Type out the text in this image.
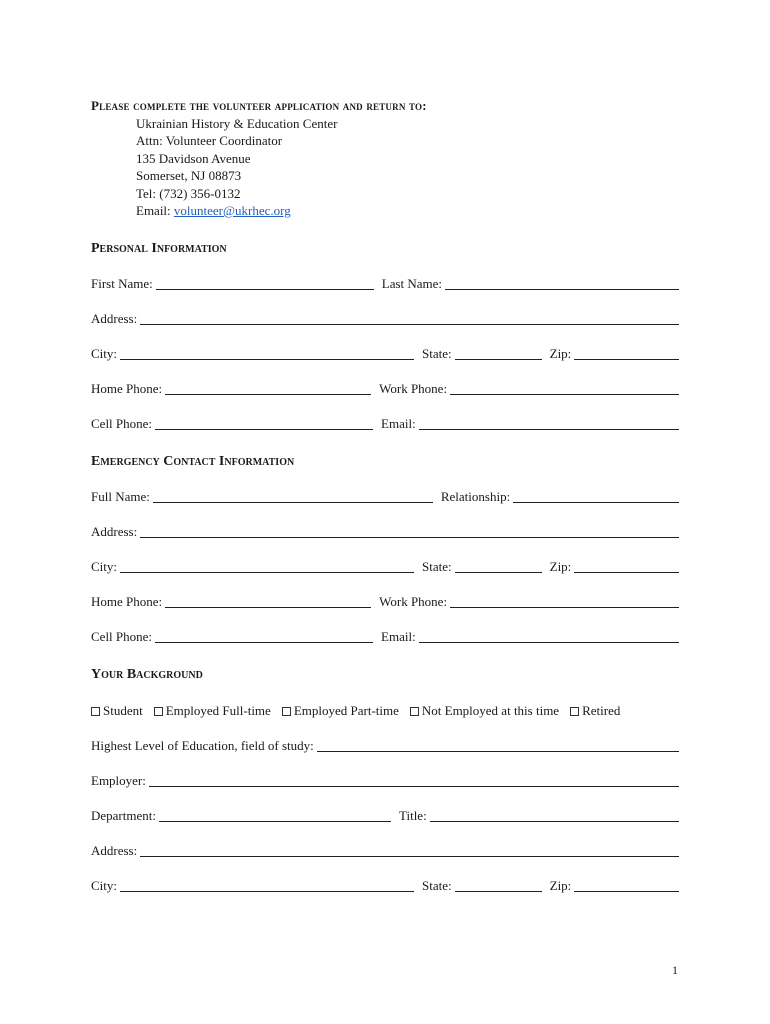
Please complete the volunteer application and return to:
Ukrainian History & Education Center
Attn: Volunteer Coordinator
135 Davidson Avenue
Somerset, NJ 08873
Tel: (732) 356-0132
Email: volunteer@ukrhec.org
Personal Information
First Name:	Last Name:
Address:
City:	State:	Zip:
Home Phone:	Work Phone:
Cell Phone:	Email:
Emergency Contact Information
Full Name:	Relationship:
Address:
City:	State:	Zip:
Home Phone:	Work Phone:
Cell Phone:	Email:
Your Background
Student Employed Full-time Employed Part-time Not Employed at this time Retired
Highest Level of Education, field of study:
Employer:
Department:	Title:
Address:
City:	State:	Zip:
1
